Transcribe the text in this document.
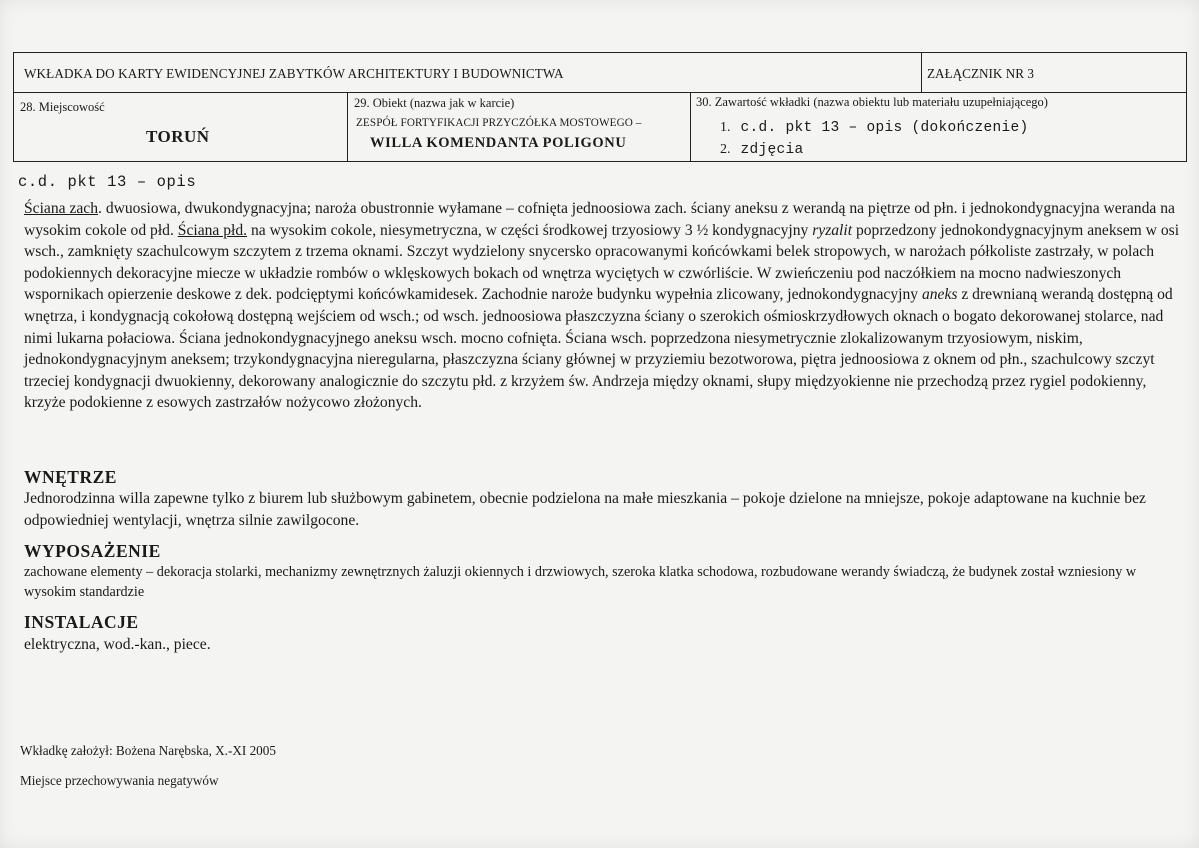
WKŁADKA DO KARTY EWIDENCYJNEJ ZABYTKÓW ARCHITEKTURY I BUDOWNICTWA	ZAŁĄCZNIK NR 3
28. Miejscowość
TORUŃ
29. Obiekt (nazwa jak w karcie)
ZESPÓŁ FORTYFIKACJI PRZYCZÓŁKA MOSTOWEGO –
WILLA KOMENDANTA POLIGONU
30. Zawartość wkładki (nazwa obiektu lub materiału uzupełniającego)
1. c.d. pkt 13 – opis (dokończenie)
2. zdjęcia
c.d. pkt 13 – opis
Ściana zach. dwuosiowa, dwukondygnacyjna; naroża obustronnie wyłamane – cofnięta jednoosiowa zach. ściany aneksu z werandą na piętrze od płn. i jednokondygnacyjna weranda na wysokim cokole od płd. Ściana płd. na wysokim cokole, niesymetryczna, w części środkowej trzyosiowy 3 ½ kondygnacyjny ryzalit poprzedzony jednokondygnacyjnym aneksem w osi wsch., zamknięty szachulcowym szczytem z trzema oknami. Szczyt wydzielony snycersko opracowanymi końcówkami belek stropowych, w narożach półkoliste zastrzały, w polach podokiennych dekoracyjne miecze w układzie rombów o wklęskowych bokach od wnętrza wyciętych w czwórliście. W zwieńczeniu pod naczółkiem na mocno nadwieszonych wspornikach opierzenie deskowe z dek. podcięptymi końcówkamidesek. Zachodnie naroże budynku wypełnia zlicowany, jednokondygnacyjny aneks z drewnianą werandą dostępną od wnętrza, i kondygnacją cokołową dostępną wejściem od wsch.; od wsch. jednoosiowa płaszczyzna ściany o szerokich ośmioskrzydłowych oknach o bogato dekorowanej stolarce, nad nimi lukarna połaciowa. Ściana jednokondygnacyjnego aneksu wsch. mocno cofnięta. Ściana wsch. poprzedzona niesymetrycznie zlokalizowanym trzyosiowym, niskim, jednokondygnacyjnym aneksem; trzykondygnacyjna nieregularna, płaszczyzna ściany głównej w przyziemiu bezotworowa, piętra jednoosiowa z oknem od płn., szachulcowy szczyt trzeciej kondygnacji dwuokienny, dekorowany analogicznie do szczytu płd. z krzyżem św. Andrzeja między oknami, słupy międzyokienne nie przechodzą przez rygiel podokienny, krzyże podokienne z esowych zastrzałów nożycowo złożonych.
WNĘTRZE
Jednorodzinna willa zapewne tylko z biurem lub służbowym gabinetem, obecnie podzielona na małe mieszkania – pokoje dzielone na mniejsze, pokoje adaptowane na kuchnie bez odpowiedniej wentylacji, wnętrza silnie zawilgocone.
WYPOSAŻENIE
zachowane elementy – dekoracja stolarki, mechanizmy zewnętrznych żaluzji okiennych i drzwiowych, szeroka klatka schodowa, rozbudowane werandy świadczą, że budynek został wzniesiony w wysokim standardzie
INSTALACJE
elektryczna, wod.-kan., piece.
Wkładkę założył: Bożena Narębska, X.-XI 2005
Miejsce przechowywania negatywów
